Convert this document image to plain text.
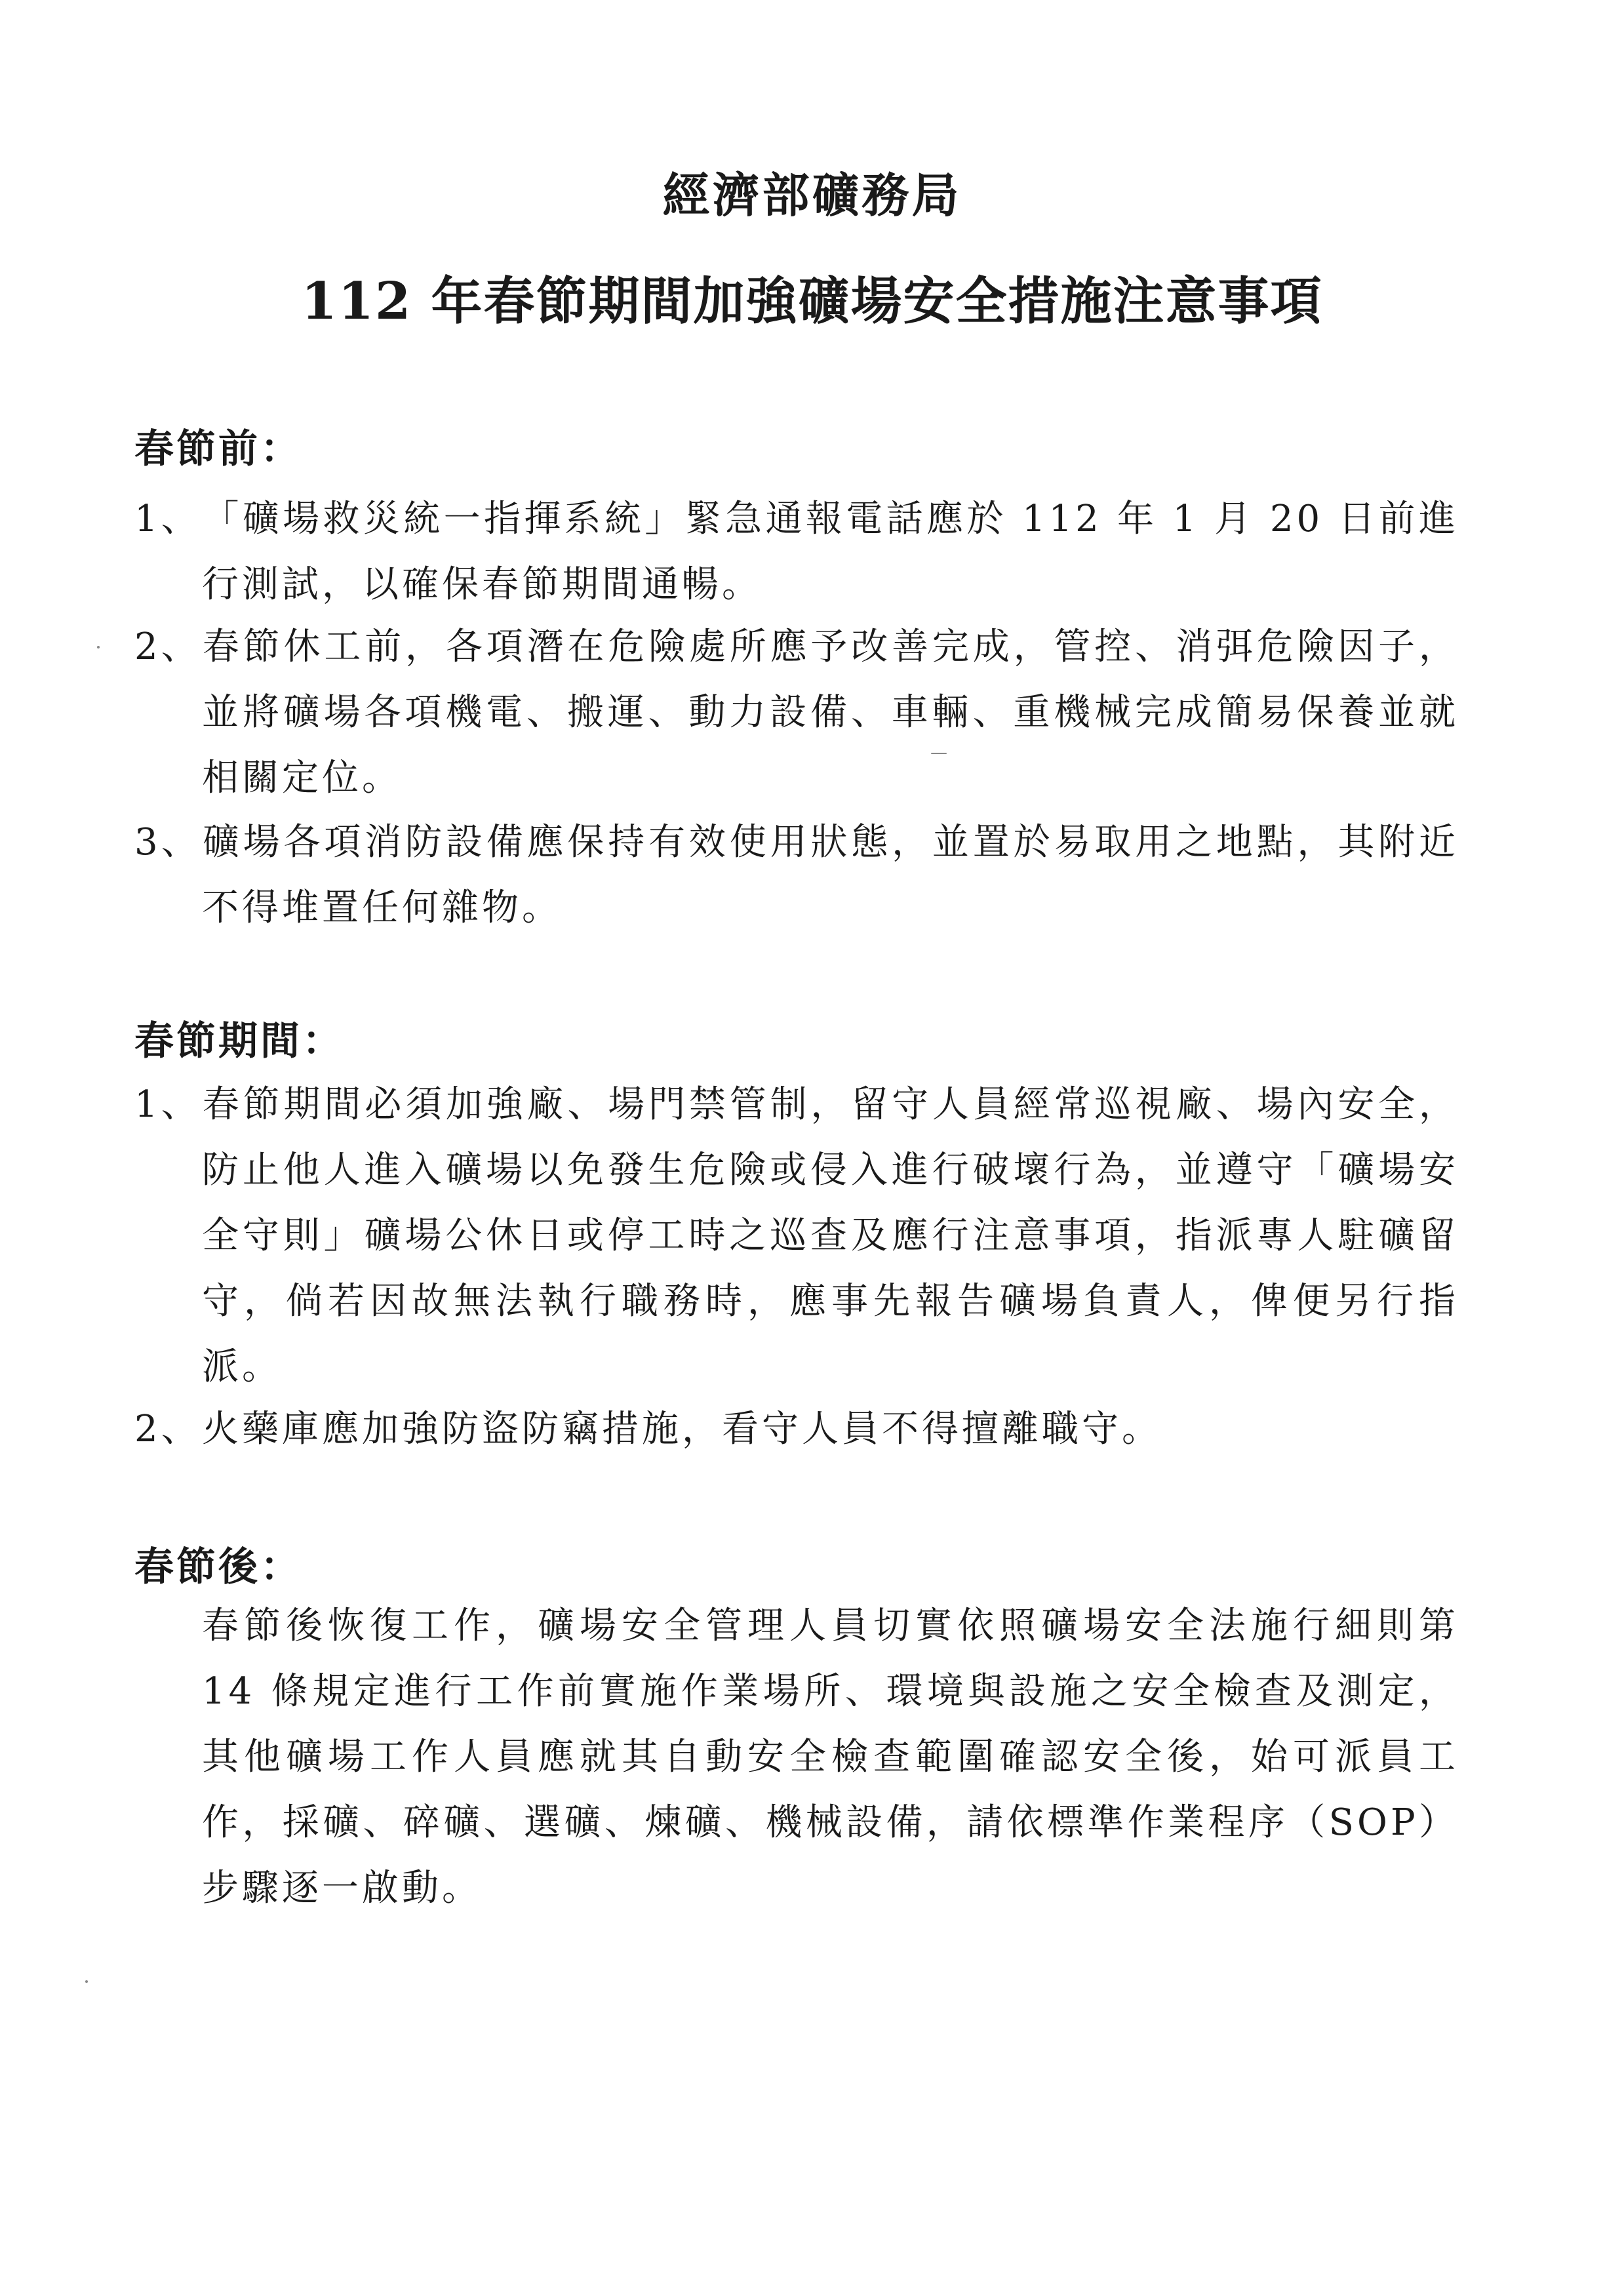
經濟部礦務局
112 年春節期間加強礦場安全措施注意事項
春節前：

1、「礦場救災統一指揮系統」緊急通報電話應於 112 年 1 月 20 日前進行測試，以確保春節期間通暢。

2、春節休工前，各項潛在危險處所應予改善完成，管控、消弭危險因子，並將礦場各項機電、搬運、動力設備、車輛、重機械完成簡易保養並就相關定位。

3、礦場各項消防設備應保持有效使用狀態，並置於易取用之地點，其附近不得堆置任何雜物。

春節期間：

1、春節期間必須加強廠、場門禁管制，留守人員經常巡視廠、場內安全，防止他人進入礦場以免發生危險或侵入進行破壞行為，並遵守「礦場安全守則」礦場公休日或停工時之巡查及應行注意事項，指派專人駐礦留守，倘若因故無法執行職務時，應事先報告礦場負責人，俾便另行指派。

2、火藥庫應加強防盜防竊措施，看守人員不得擅離職守。

春節後：

春節後恢復工作，礦場安全管理人員切實依照礦場安全法施行細則第 14 條規定進行工作前實施作業場所、環境與設施之安全檢查及測定，其他礦場工作人員應就其自動安全檢查範圍確認安全後，始可派員工作，採礦、碎礦、選礦、煉礦、機械設備，請依標準作業程序（SOP）步驟逐一啟動。
